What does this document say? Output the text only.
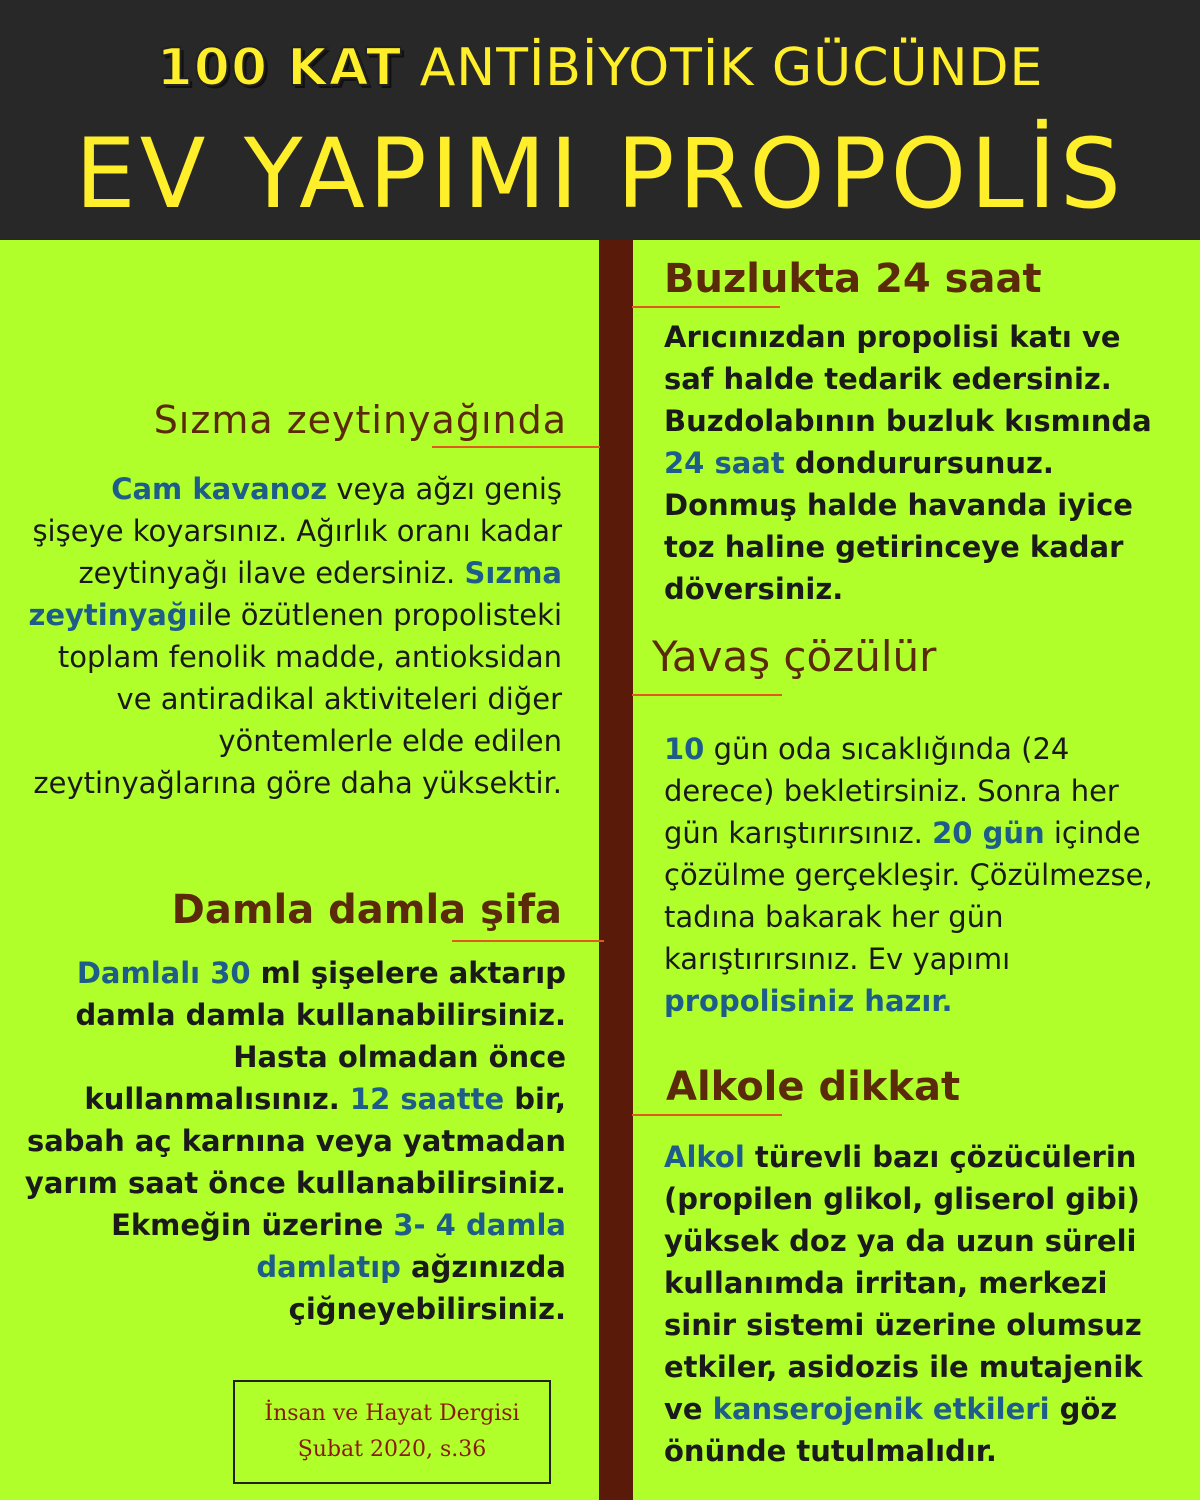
100 KAT ANTİBİYOTİK GÜCÜNDE
EV YAPIMI PROPOLİS
Sızma zeytinyağında
Cam kavanoz veya ağzı geniş şişeye koyarsınız. Ağırlık oranı kadar zeytinyağı ilave edersiniz. Sızma zeytinyağıile özütlenen propolisteki toplam fenolik madde, antioksidan ve antiradikal aktiviteleri diğer yöntemlerle elde edilen zeytinyağlarına göre daha yüksektir.
Damla damla şifa
Damlalı 30 ml şişelere aktarıp damla damla kullanabilirsiniz. Hasta olmadan önce kullanmalısınız. 12 saatte bir, sabah aç karnına veya yatmadan yarım saat önce kullanabilirsiniz. Ekmeğin üzerine 3- 4 damla damlatıp ağzınızda çiğneyebilirsiniz.
İnsan ve Hayat Dergisi
Şubat 2020, s.36
Buzlukta 24 saat
Arıcınızdan propolisi katı ve saf halde tedarik edersiniz. Buzdolabının buzluk kısmında 24 saat dondurursunuz. Donmuş halde havanda iyice toz haline getirinceye kadar döversiniz.
Yavaş çözülür
10 gün oda sıcaklığında (24 derece) bekletirsiniz. Sonra her gün karıştırırsınız. 20 gün içinde çözülme gerçekleşir. Çözülmezse, tadına bakarak her gün karıştırırsınız. Ev yapımı propolisiniz hazır.
Alkole dikkat
Alkol türevli bazı çözücülerin (propilen glikol, gliserol gibi) yüksek doz ya da uzun süreli kullanımda irritan, merkezi sinir sistemi üzerine olumsuz etkiler, asidozis ile mutajenik ve kanserojenik etkileri göz önünde tutulmalıdır.
